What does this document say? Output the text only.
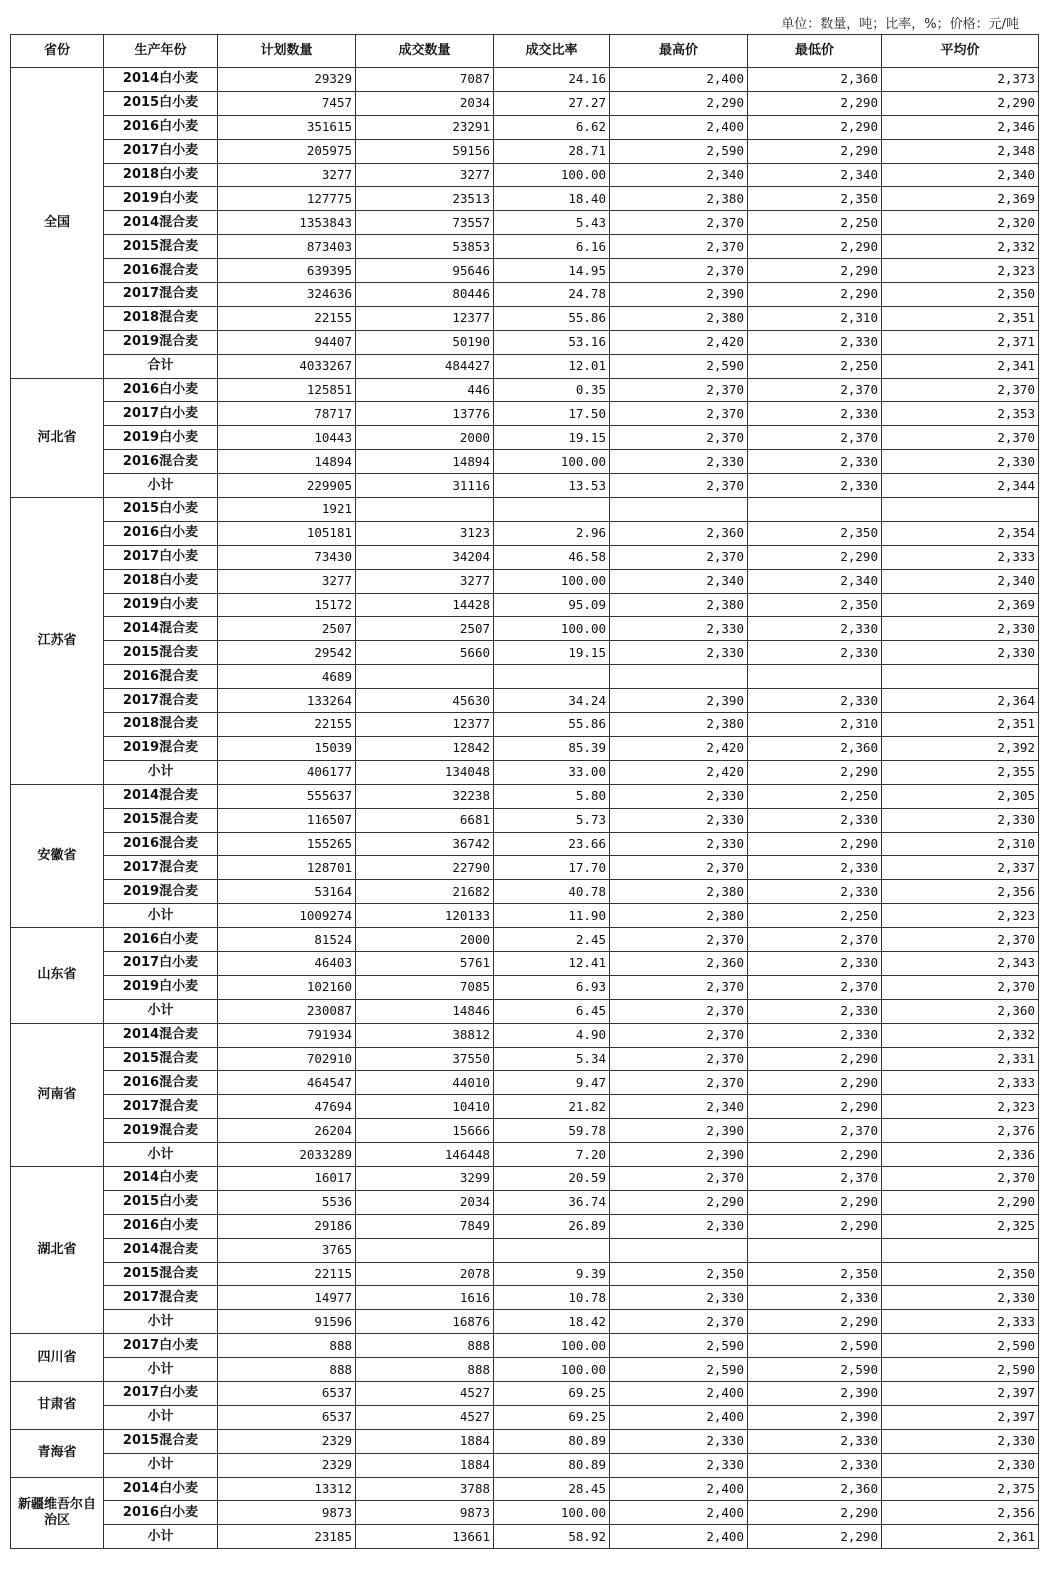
单位：数量，吨；比率，%；价格：元/吨
省份	生产年份	计划数量	成交数量	成交比率	最高价	最低价	平均价
全国	2014白小麦	29329	7087	24.16	2,400	2,360	2,373
	2015白小麦	7457	2034	27.27	2,290	2,290	2,290
	2016白小麦	351615	23291	6.62	2,400	2,290	2,346
	2017白小麦	205975	59156	28.71	2,590	2,290	2,348
	2018白小麦	3277	3277	100.00	2,340	2,340	2,340
	2019白小麦	127775	23513	18.40	2,380	2,350	2,369
	2014混合麦	1353843	73557	5.43	2,370	2,250	2,320
	2015混合麦	873403	53853	6.16	2,370	2,290	2,332
	2016混合麦	639395	95646	14.95	2,370	2,290	2,323
	2017混合麦	324636	80446	24.78	2,390	2,290	2,350
	2018混合麦	22155	12377	55.86	2,380	2,310	2,351
	2019混合麦	94407	50190	53.16	2,420	2,330	2,371
	合计	4033267	484427	12.01	2,590	2,250	2,341
河北省	2016白小麦	125851	446	0.35	2,370	2,370	2,370
	2017白小麦	78717	13776	17.50	2,370	2,330	2,353
	2019白小麦	10443	2000	19.15	2,370	2,370	2,370
	2016混合麦	14894	14894	100.00	2,330	2,330	2,330
	小计	229905	31116	13.53	2,370	2,330	2,344
江苏省	2015白小麦	1921					
	2016白小麦	105181	3123	2.96	2,360	2,350	2,354
	2017白小麦	73430	34204	46.58	2,370	2,290	2,333
	2018白小麦	3277	3277	100.00	2,340	2,340	2,340
	2019白小麦	15172	14428	95.09	2,380	2,350	2,369
	2014混合麦	2507	2507	100.00	2,330	2,330	2,330
	2015混合麦	29542	5660	19.15	2,330	2,330	2,330
	2016混合麦	4689					
	2017混合麦	133264	45630	34.24	2,390	2,330	2,364
	2018混合麦	22155	12377	55.86	2,380	2,310	2,351
	2019混合麦	15039	12842	85.39	2,420	2,360	2,392
	小计	406177	134048	33.00	2,420	2,290	2,355
安徽省	2014混合麦	555637	32238	5.80	2,330	2,250	2,305
	2015混合麦	116507	6681	5.73	2,330	2,330	2,330
	2016混合麦	155265	36742	23.66	2,330	2,290	2,310
	2017混合麦	128701	22790	17.70	2,370	2,330	2,337
	2019混合麦	53164	21682	40.78	2,380	2,330	2,356
	小计	1009274	120133	11.90	2,380	2,250	2,323
山东省	2016白小麦	81524	2000	2.45	2,370	2,370	2,370
	2017白小麦	46403	5761	12.41	2,360	2,330	2,343
	2019白小麦	102160	7085	6.93	2,370	2,370	2,370
	小计	230087	14846	6.45	2,370	2,330	2,360
河南省	2014混合麦	791934	38812	4.90	2,370	2,330	2,332
	2015混合麦	702910	37550	5.34	2,370	2,290	2,331
	2016混合麦	464547	44010	9.47	2,370	2,290	2,333
	2017混合麦	47694	10410	21.82	2,340	2,290	2,323
	2019混合麦	26204	15666	59.78	2,390	2,370	2,376
	小计	2033289	146448	7.20	2,390	2,290	2,336
湖北省	2014白小麦	16017	3299	20.59	2,370	2,370	2,370
	2015白小麦	5536	2034	36.74	2,290	2,290	2,290
	2016白小麦	29186	7849	26.89	2,330	2,290	2,325
	2014混合麦	3765					
	2015混合麦	22115	2078	9.39	2,350	2,350	2,350
	2017混合麦	14977	1616	10.78	2,330	2,330	2,330
	小计	91596	16876	18.42	2,370	2,290	2,333
四川省	2017白小麦	888	888	100.00	2,590	2,590	2,590
	小计	888	888	100.00	2,590	2,590	2,590
甘肃省	2017白小麦	6537	4527	69.25	2,400	2,390	2,397
	小计	6537	4527	69.25	2,400	2,390	2,397
青海省	2015混合麦	2329	1884	80.89	2,330	2,330	2,330
	小计	2329	1884	80.89	2,330	2,330	2,330
新疆维吾尔自治区	2014白小麦	13312	3788	28.45	2,400	2,360	2,375
	2016白小麦	9873	9873	100.00	2,400	2,290	2,356
	小计	23185	13661	58.92	2,400	2,290	2,361
